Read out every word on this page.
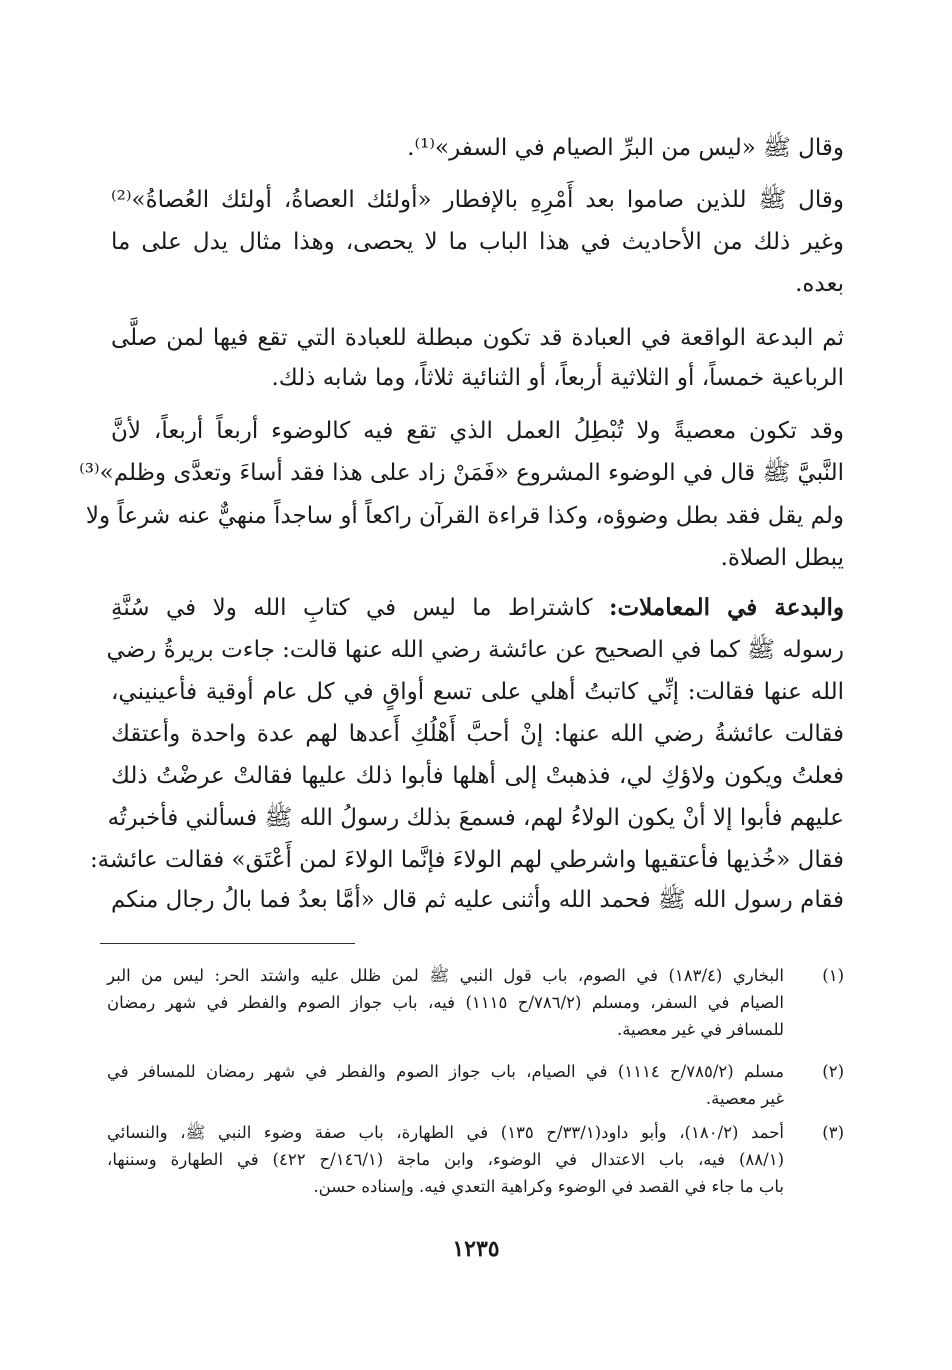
وقال ﷺ «ليس من البرِّ الصيام في السفر»⁽¹⁾.
وقال ﷺ للذين صاموا بعد أَمْرِهِ بالإفطار «أولئك العصاةُ، أولئك العُصاةُ»⁽²⁾
وغير ذلك من الأحاديث في هذا الباب ما لا يحصى، وهذا مثال يدل على ما
بعده.
ثم البدعة الواقعة في العبادة قد تكون مبطلة للعبادة التي تقع فيها لمن صلَّى
الرباعية خمساً، أو الثلاثية أربعاً، أو الثنائية ثلاثاً، وما شابه ذلك.
وقد تكون معصيةً ولا تُبْطِلُ العمل الذي تقع فيه كالوضوء أربعاً أربعاً، لأنَّ
النَّبيَّ ﷺ قال في الوضوء المشروع «فَمَنْ زاد على هذا فقد أساءَ وتعدَّى وظلم»⁽³⁾
ولم يقل فقد بطل وضوؤه، وكذا قراءة القرآن راكعاً أو ساجداً منهيٌّ عنه شرعاً ولا
يبطل الصلاة.
والبدعة في المعاملات: كاشتراط ما ليس في كتابِ الله ولا في سُنَّةِ
رسوله ﷺ كما في الصحيح عن عائشة رضي الله عنها قالت: جاءت بريرةُ رضي
الله عنها فقالت: إنِّي كاتبتُ أهلي على تسع أواقٍ في كل عام أوقية فأعينيني،
فقالت عائشةُ رضي الله عنها: إنْ أحبَّ أَهْلُكِ أَعدها لهم عدة واحدة وأعتقك
فعلتُ ويكون ولاؤكِ لي، فذهبتْ إلى أهلها فأبوا ذلك عليها فقالتْ عرضْتُ ذلك
عليهم فأبوا إلا أنْ يكون الولاءُ لهم، فسمعَ بذلك رسولُ الله ﷺ فسألني فأخبرتُه
فقال «خُذيها فأعتقيها واشرطي لهم الولاءَ فإنَّما الولاءَ لمن أَعْتَق» فقالت عائشة:
فقام رسول الله ﷺ فحمد الله وأثنى عليه ثم قال «أمَّا بعدُ فما بالُ رجال منكم
(١)
البخاري (١٨٣/٤) في الصوم، باب قول النبي ﷺ لمن ظلل عليه واشتد الحر: ليس من البر
الصيام في السفر، ومسلم (٧٨٦/٢/ح ١١١٥) فيه، باب جواز الصوم والفطر في شهر رمضان
للمسافر في غير معصية.
(٢)
مسلم (٧٨٥/٢/ح ١١١٤) في الصيام، باب جواز الصوم والفطر في شهر رمضان للمسافر في
غير معصية.
(٣)
أحمد (١٨٠/٢)، وأبو داود(٣٣/١/ح ١٣٥) في الطهارة، باب صفة وضوء النبي ﷺ، والنسائي
(٨٨/١) فيه، باب الاعتدال في الوضوء، وابن ماجة (١٤٦/١/ح ٤٢٢) في الطهارة وسننها،
باب ما جاء في القصد في الوضوء وكراهية التعدي فيه. وإسناده حسن.
١٢٣٥
